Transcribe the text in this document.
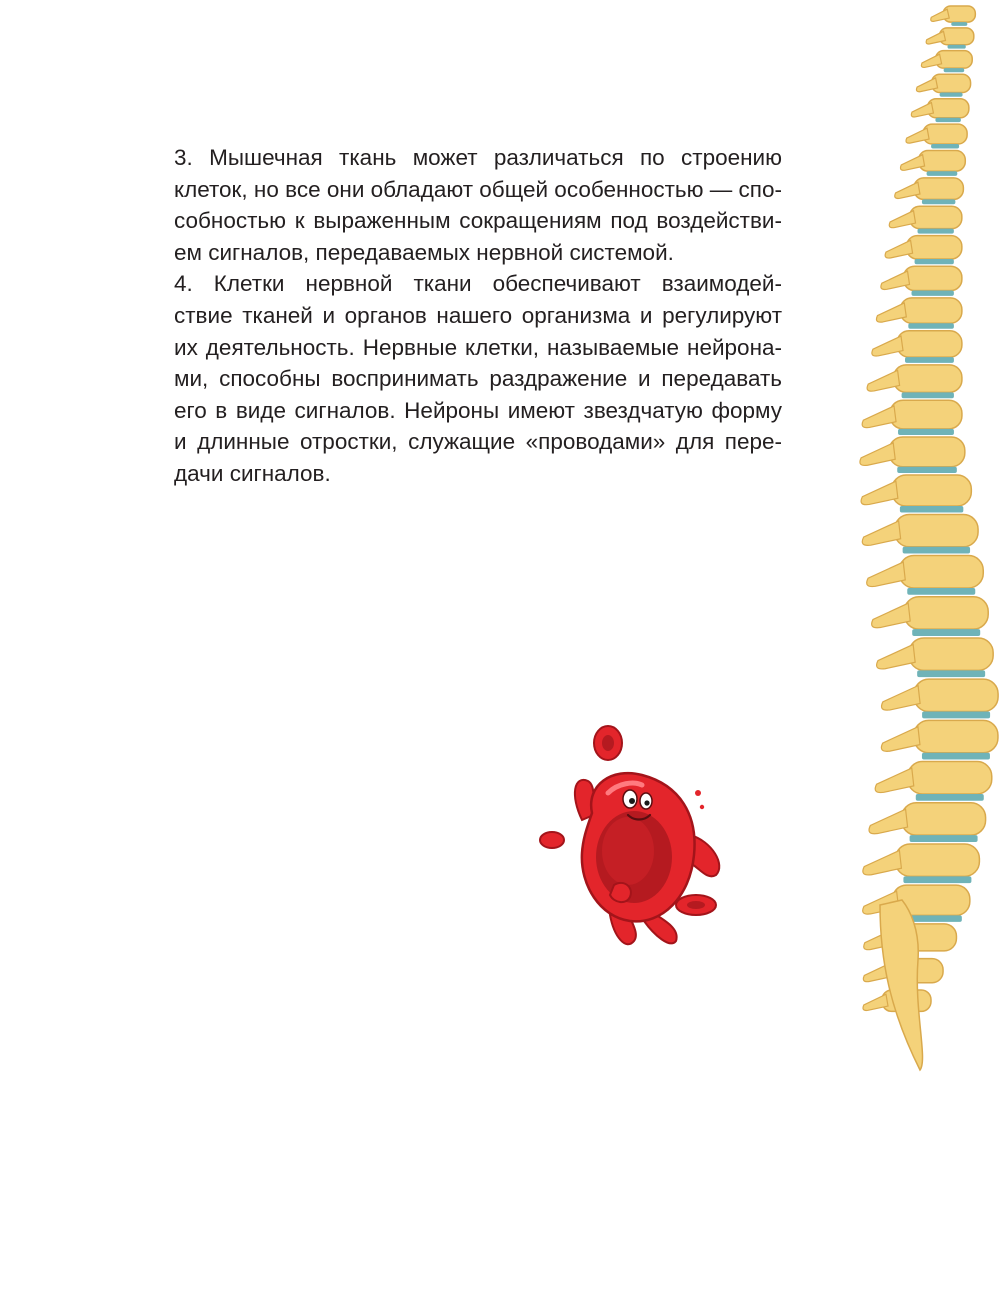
3. Мышечная ткань может различаться по строению
клеток, но все они обладают общей особенностью — спо-
собностью к выраженным сокращениям под воздействи-
ем сигналов, передаваемых нервной системой.

4. Клетки нервной ткани обеспечивают взаимодей-
ствие тканей и органов нашего организма и регулируют
их деятельность. Нервные клетки, называемые нейрона-
ми, способны воспринимать раздражение и передавать
его в виде сигналов. Нейроны имеют звездчатую форму
и длинные отростки, служащие «проводами» для пере-
дачи сигналов.
